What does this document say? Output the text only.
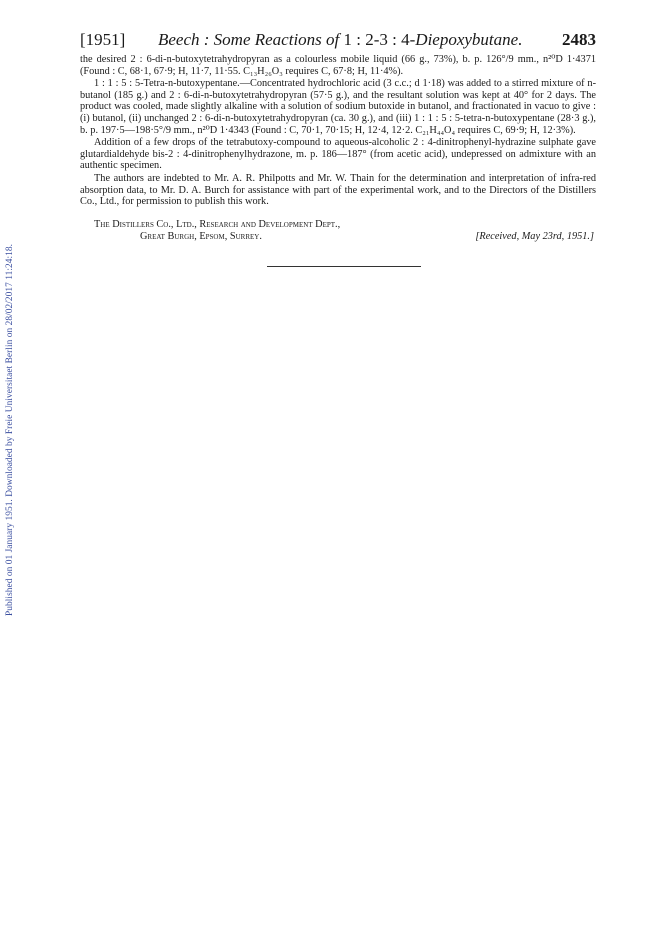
Published on 01 January 1951. Downloaded by Freie Universitaet Berlin on 28/02/2017 11:24:18.
[1951]	Beech : Some Reactions of 1 : 2-3 : 4-Diepoxybutane.	2483

the desired 2 : 6-di-n-butoxytetrahydropyran as a colourless mobile liquid (66 g., 73%), b. p. 126°/9 mm., n²⁰D 1·4371 (Found : C, 68·1, 67·9; H, 11·7, 11·55. C₁₃H₂₆O₃ requires C, 67·8; H, 11·4%).

1 : 1 : 5 : 5-Tetra-n-butoxypentane.—Concentrated hydrochloric acid (3 c.c.; d 1·18) was added to a stirred mixture of n-butanol (185 g.) and 2 : 6-di-n-butoxytetrahydropyran (57·5 g.), and the resultant solution was kept at 40° for 2 days. The product was cooled, made slightly alkaline with a solution of sodium butoxide in butanol, and fractionated in vacuo to give : (i) butanol, (ii) unchanged 2 : 6-di-n-butoxytetrahydropyran (ca. 30 g.), and (iii) 1 : 1 : 5 : 5-tetra-n-butoxypentane (28·3 g.), b. p. 197·5—198·5°/9 mm., n²⁰D 1·4343 (Found : C, 70·1, 70·15; H, 12·4, 12·2. C₂₁H₄₄O₄ requires C, 69·9; H, 12·3%).

Addition of a few drops of the tetrabutoxy-compound to aqueous-alcoholic 2 : 4-dinitrophenyl-hydrazine sulphate gave glutardialdehyde bis-2 : 4-dinitrophenylhydrazone, m. p. 186—187° (from acetic acid), undepressed on admixture with an authentic specimen.

The authors are indebted to Mr. A. R. Philpotts and Mr. W. Thain for the determination and interpretation of infra-red absorption data, to Mr. D. A. Burch for assistance with part of the experimental work, and to the Directors of the Distillers Co., Ltd., for permission to publish this work.

The Distillers Co., Ltd., Research and Development Dept.,
Great Burgh, Epsom, Surrey.	[Received, May 23rd, 1951.]
